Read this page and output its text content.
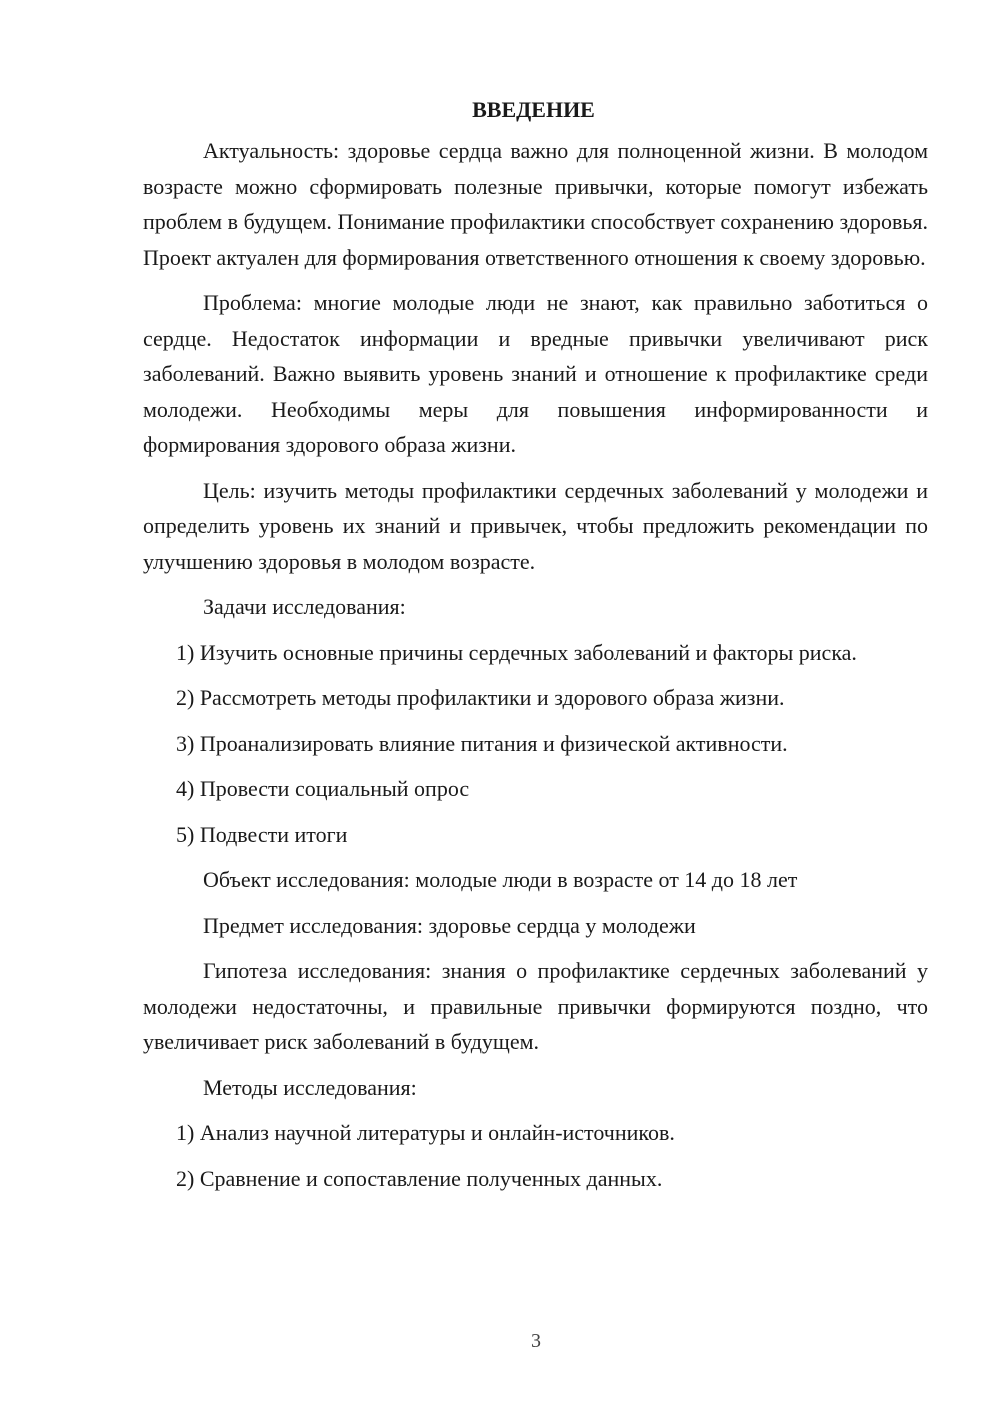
ВВЕДЕНИЕ

Актуальность: здоровье сердца важно для полноценной жизни. В молодом возрасте можно сформировать полезные привычки, которые помогут избежать проблем в будущем. Понимание профилактики способствует сохранению здоровья. Проект актуален для формирования ответственного отношения к своему здоровью.

Проблема: многие молодые люди не знают, как правильно заботиться о сердце. Недостаток информации и вредные привычки увеличивают риск заболеваний. Важно выявить уровень знаний и отношение к профилактике среди молодежи. Необходимы меры для повышения информированности и формирования здорового образа жизни.

Цель: изучить методы профилактики сердечных заболеваний у молодежи и определить уровень их знаний и привычек, чтобы предложить рекомендации по улучшению здоровья в молодом возрасте.

Задачи исследования:

1) Изучить основные причины сердечных заболеваний и факторы риска.

2) Рассмотреть методы профилактики и здорового образа жизни.

3) Проанализировать влияние питания и физической активности.

4) Провести социальный опрос

5) Подвести итоги

Объект исследования: молодые люди в возрасте от 14 до 18 лет

Предмет исследования: здоровье сердца у молодежи

Гипотеза исследования: знания о профилактике сердечных заболеваний у молодежи недостаточны, и правильные привычки формируются поздно, что увеличивает риск заболеваний в будущем.

Методы исследования:

1) Анализ научной литературы и онлайн-источников.

2) Сравнение и сопоставление полученных данных.

3
